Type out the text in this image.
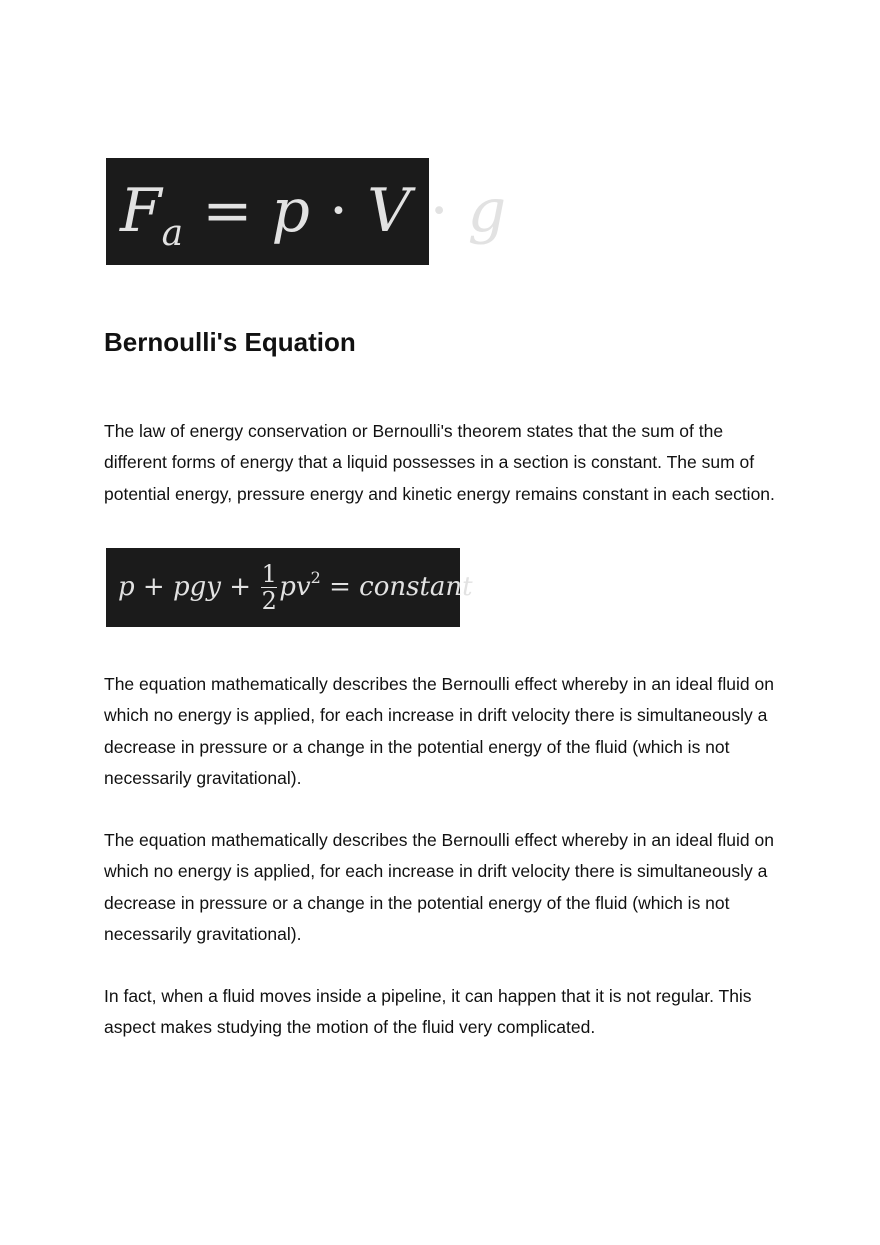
$F_a = p \cdot V \cdot g$
Bernoulli's Equation

The law of energy conservation or Bernoulli's theorem states that the sum of the different forms of energy that a liquid possesses in a section is constant. The sum of potential energy, pressure energy and kinetic energy remains constant in each section.

p + pgy + $\frac{1}{2} pv^2$ = constant

The equation mathematically describes the Bernoulli effect whereby in an ideal fluid on which no energy is applied, for each increase in drift velocity there is simultaneously a decrease in pressure or a change in the potential energy of the fluid (which is not necessarily gravitational).

The equation mathematically describes the Bernoulli effect whereby in an ideal fluid on which no energy is applied, for each increase in drift velocity there is simultaneously a decrease in pressure or a change in the potential energy of the fluid (which is not necessarily gravitational).

In fact, when a fluid moves inside a pipeline, it can happen that it is not regular. This aspect makes studying the motion of the fluid very complicated.
